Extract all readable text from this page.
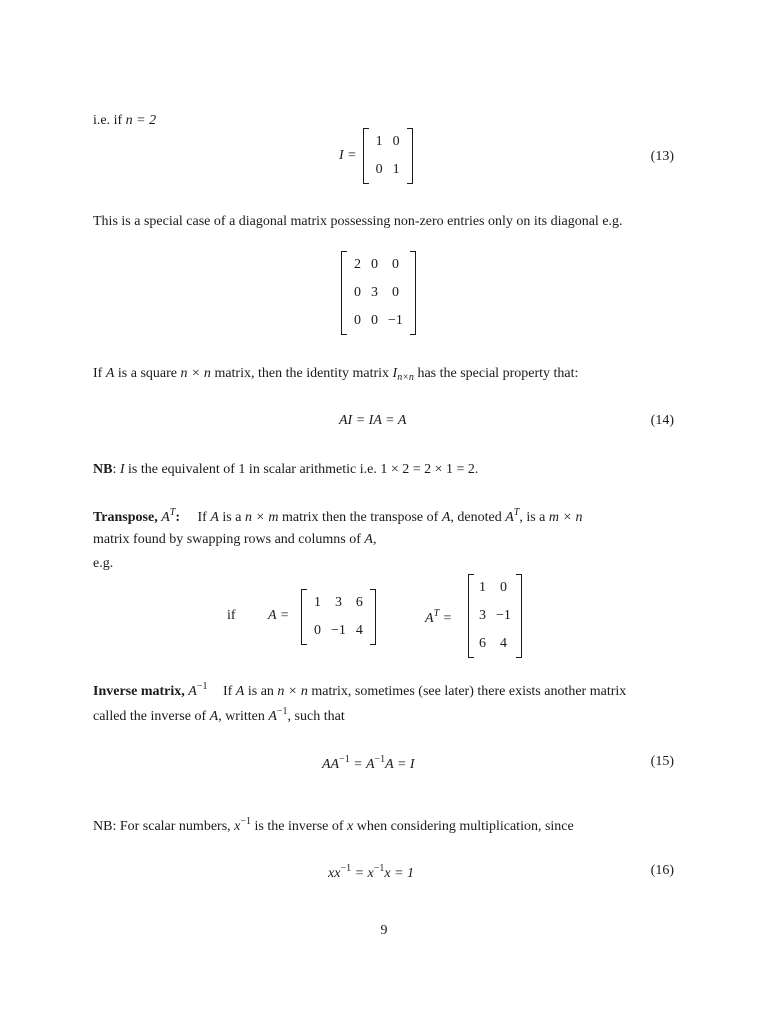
i.e. if n = 2
I =
1	0
0	1
(13)
This is a special case of a diagonal matrix possessing non-zero entries only on its diagonal e.g.
2	0	0
0	3	0
0	0	−1
If A is a square n × n matrix, then the identity matrix $I_{n\times n}$ has the special property that:
AI = IA = A	(14)
NB: I is the equivalent of 1 in scalar arithmetic i.e. 1 × 2 = 2 × 1 = 2.
Transpose, $A^T$: If A is a n × m matrix then the transpose of A, denoted $A^T$, is a m × n
matrix found by swapping rows and columns of A,
e.g.
if A =
1	3	6
0	−1	4
$A^T$ =
1	0
3	−1
6	4
Inverse matrix, $A^{-1}$ If A is an n × n matrix, sometimes (see later) there exists another matrix
called the inverse of A, written $A^{-1}$, such that
$AA^{-1} = A^{-1}A = I$	(15)
NB: For scalar numbers, $x^{-1}$ is the inverse of x when considering multiplication, since
$xx^{-1} = x^{-1}x = 1$	(16)
9
